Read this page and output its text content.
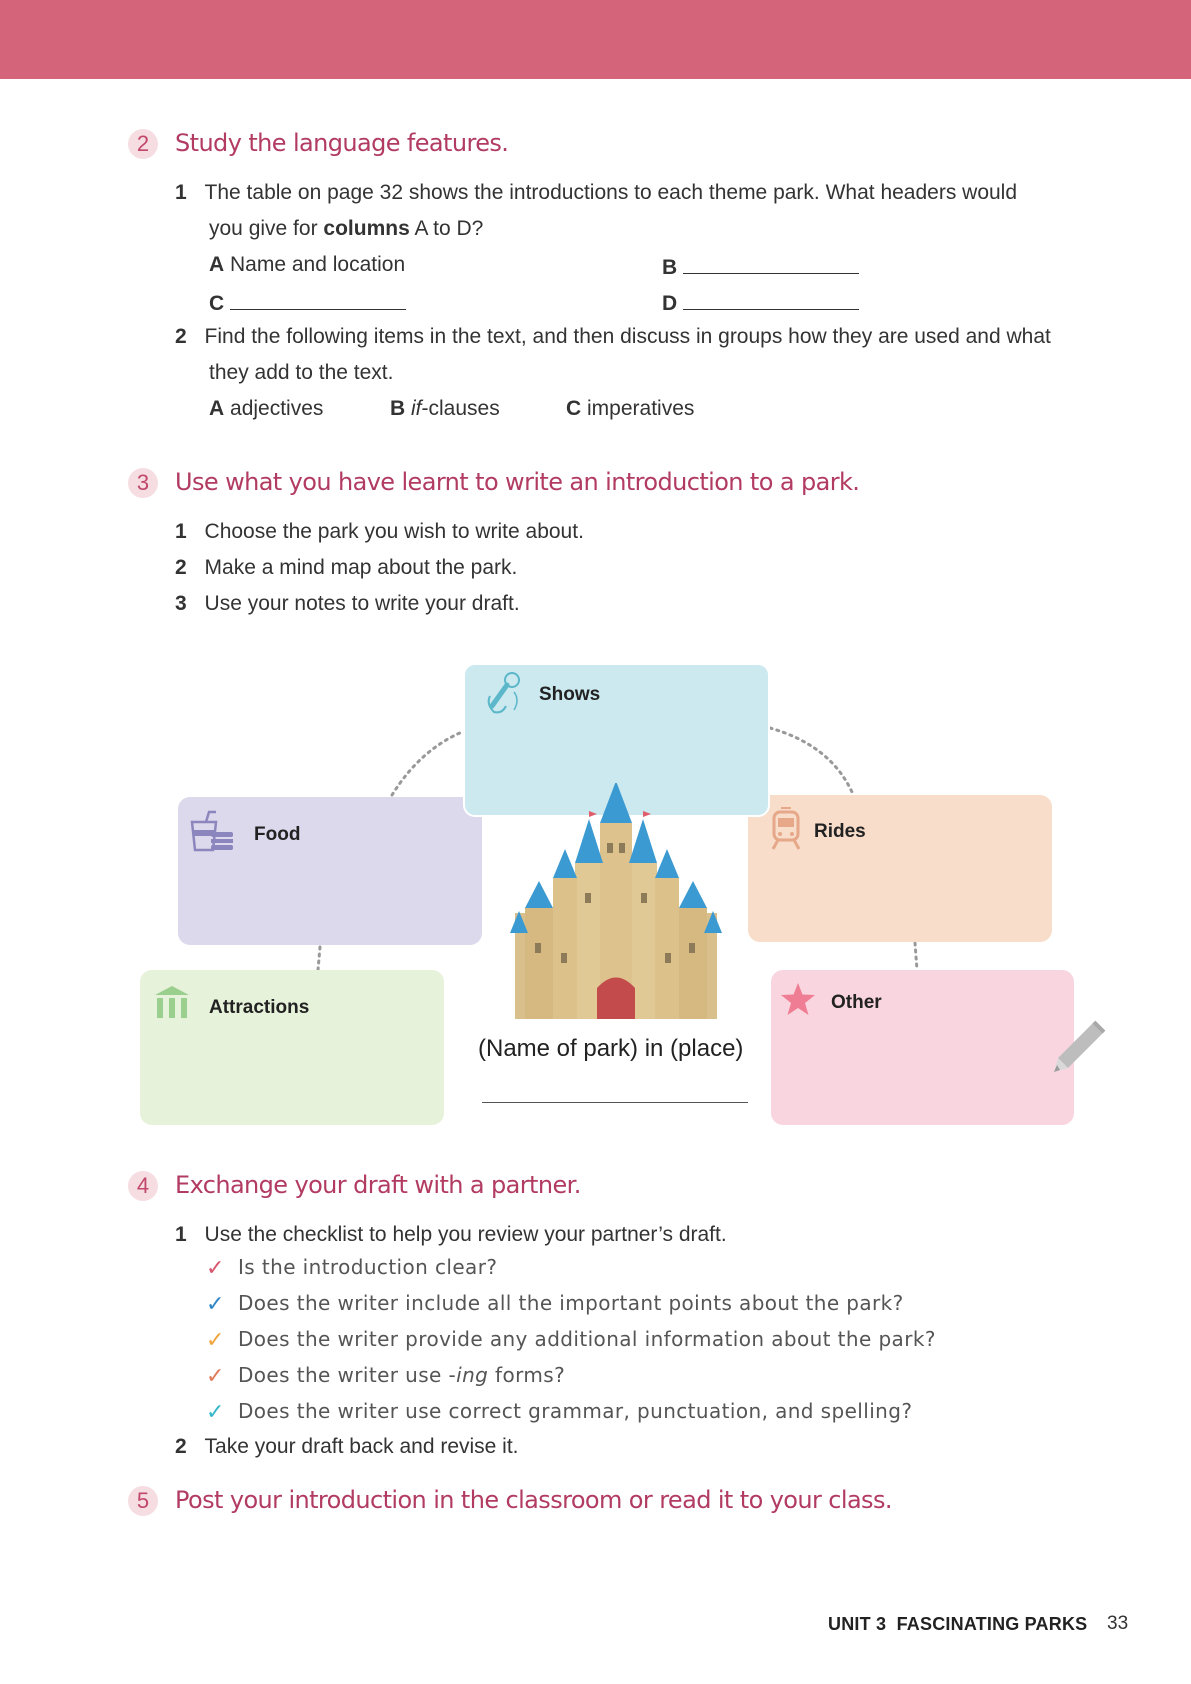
2	Study the language features.
1 The table on page 32 shows the introductions to each theme park. What headers would
you give for columns A to D?
A Name and location	B
C	D
2 Find the following items in the text, and then discuss in groups how they are used and what
they add to the text.
A adjectives	B if-clauses	C imperatives
3	Use what you have learnt to write an introduction to a park.
1 Choose the park you wish to write about.
2 Make a mind map about the park.
3 Use your notes to write your draft.
Shows
Food	Rides
Attractions	Other
(Name of park) in (place)
4	Exchange your draft with a partner.
1 Use the checklist to help you review your partner’s draft.
✓ Is the introduction clear?
✓ Does the writer include all the important points about the park?
✓ Does the writer provide any additional information about the park?
✓ Does the writer use -ing forms?
✓ Does the writer use correct grammar, punctuation, and spelling?
2 Take your draft back and revise it.
5	Post your introduction in the classroom or read it to your class.
UNIT 3  FASCINATING PARKS 33
